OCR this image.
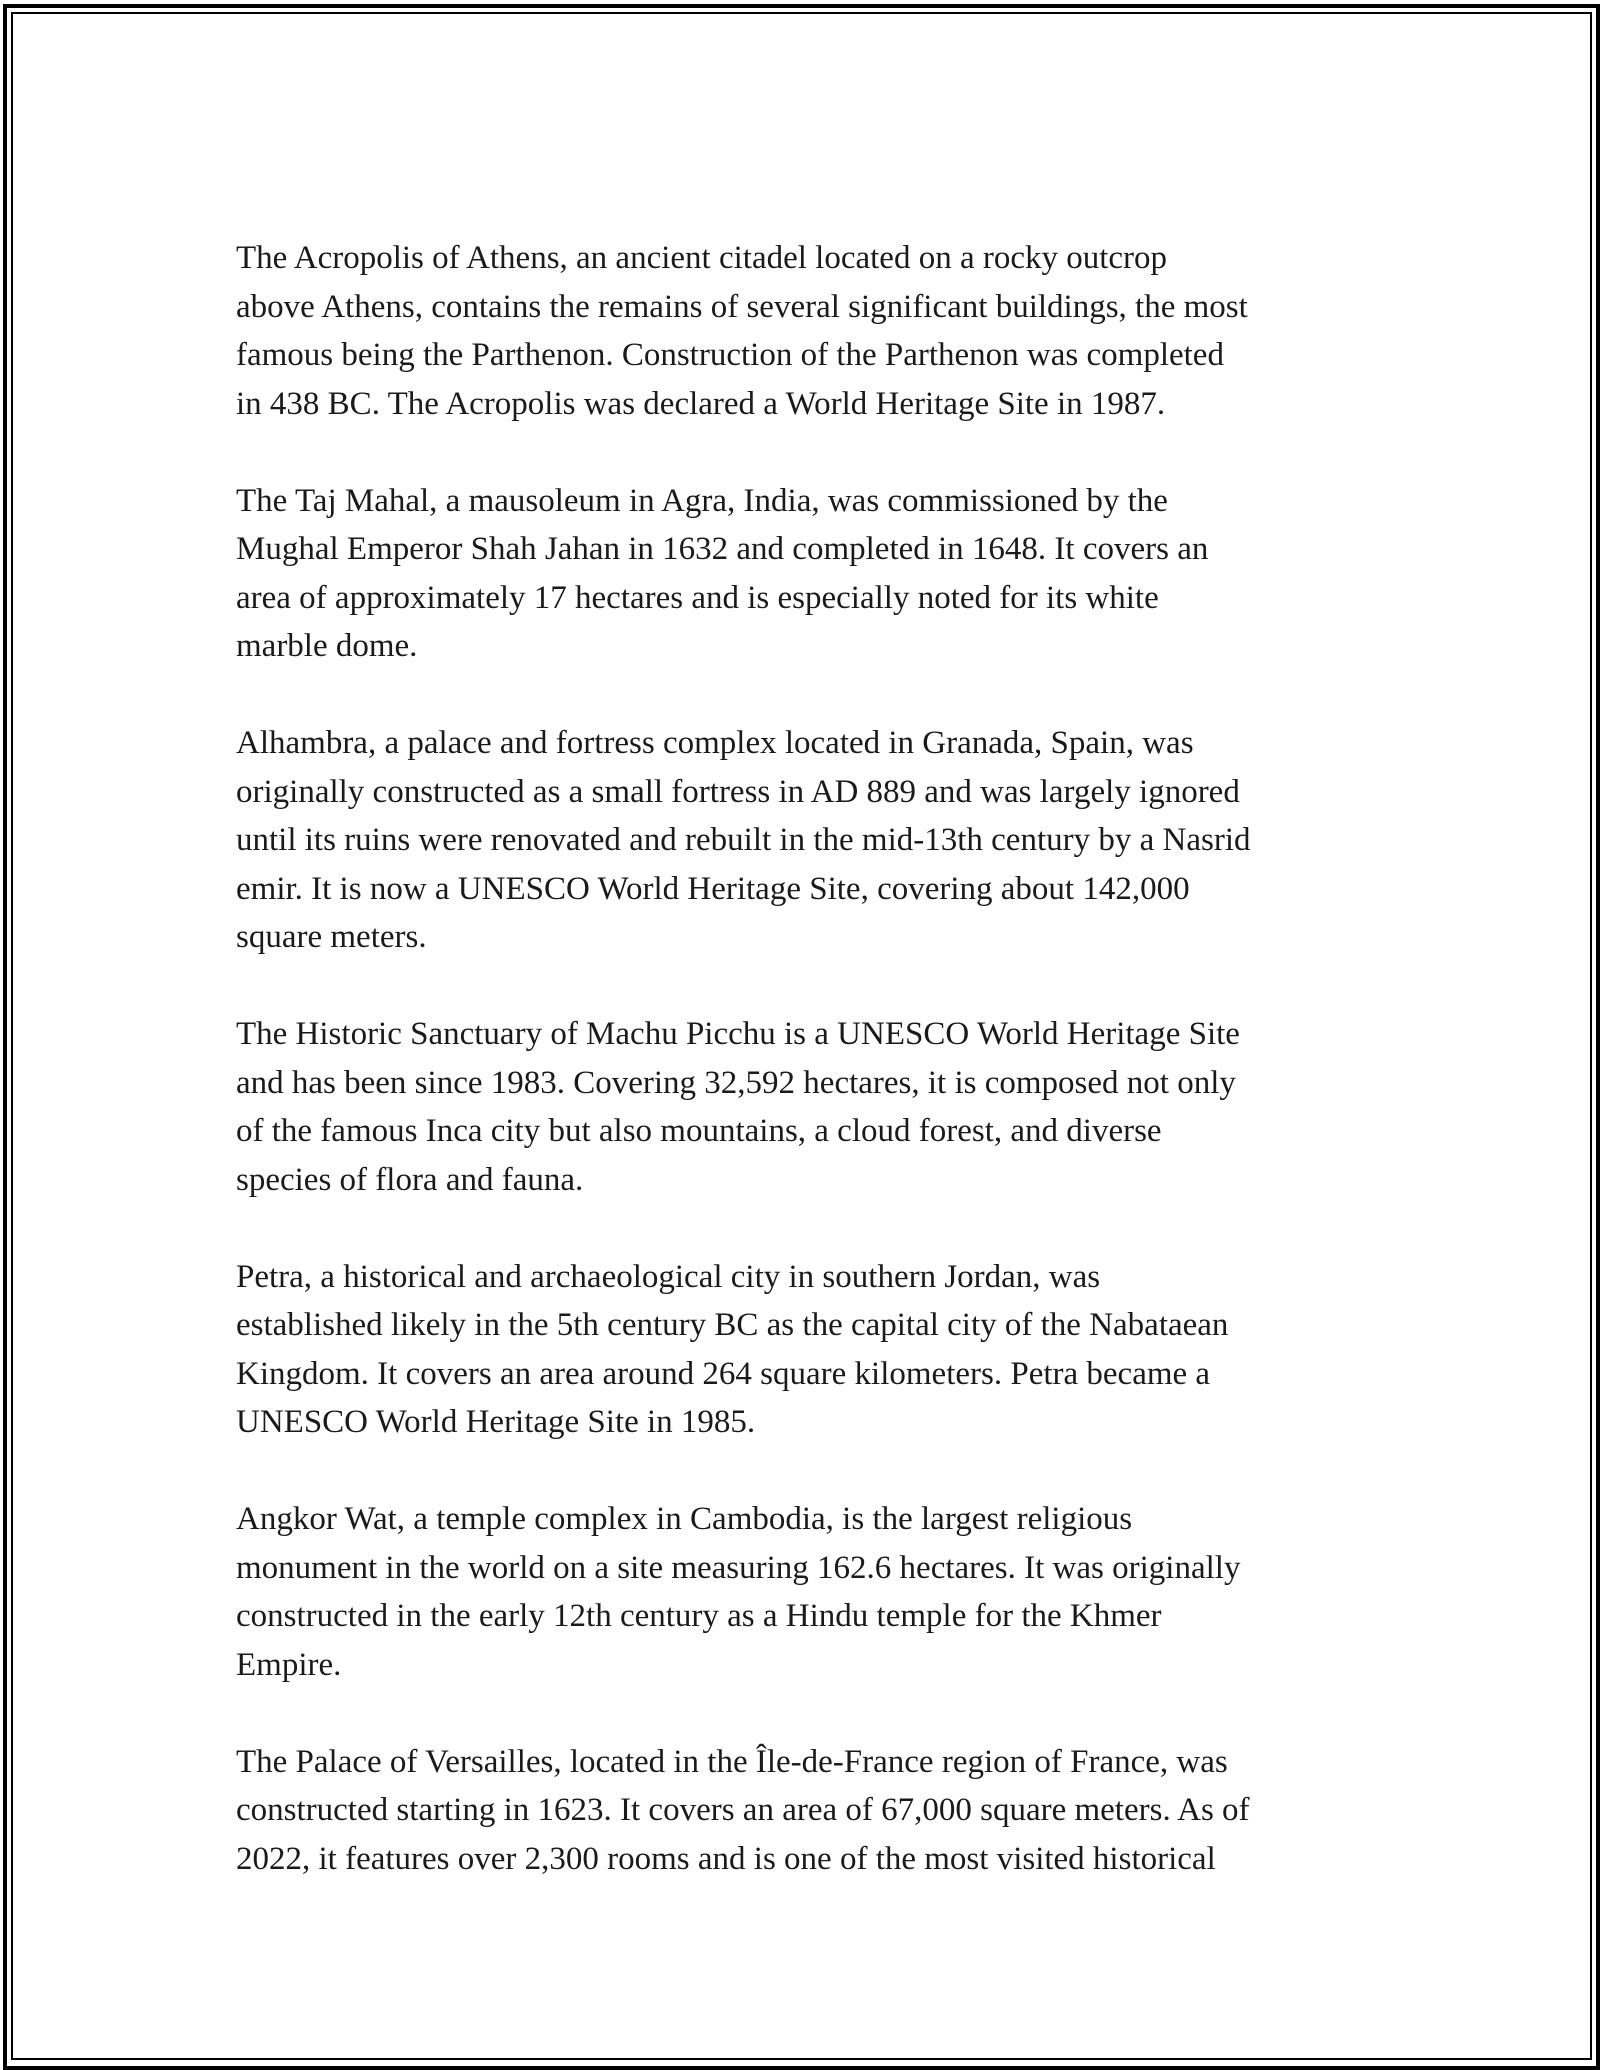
The Acropolis of Athens, an ancient citadel located on a rocky outcrop
above Athens, contains the remains of several significant buildings, the most
famous being the Parthenon. Construction of the Parthenon was completed
in 438 BC. The Acropolis was declared a World Heritage Site in 1987.

The Taj Mahal, a mausoleum in Agra, India, was commissioned by the
Mughal Emperor Shah Jahan in 1632 and completed in 1648. It covers an
area of approximately 17 hectares and is especially noted for its white
marble dome.

Alhambra, a palace and fortress complex located in Granada, Spain, was
originally constructed as a small fortress in AD 889 and was largely ignored
until its ruins were renovated and rebuilt in the mid-13th century by a Nasrid
emir. It is now a UNESCO World Heritage Site, covering about 142,000
square meters.

The Historic Sanctuary of Machu Picchu is a UNESCO World Heritage Site
and has been since 1983. Covering 32,592 hectares, it is composed not only
of the famous Inca city but also mountains, a cloud forest, and diverse
species of flora and fauna.

Petra, a historical and archaeological city in southern Jordan, was
established likely in the 5th century BC as the capital city of the Nabataean
Kingdom. It covers an area around 264 square kilometers. Petra became a
UNESCO World Heritage Site in 1985.

Angkor Wat, a temple complex in Cambodia, is the largest religious
monument in the world on a site measuring 162.6 hectares. It was originally
constructed in the early 12th century as a Hindu temple for the Khmer
Empire.

The Palace of Versailles, located in the Île-de-France region of France, was
constructed starting in 1623. It covers an area of 67,000 square meters. As of
2022, it features over 2,300 rooms and is one of the most visited historical
